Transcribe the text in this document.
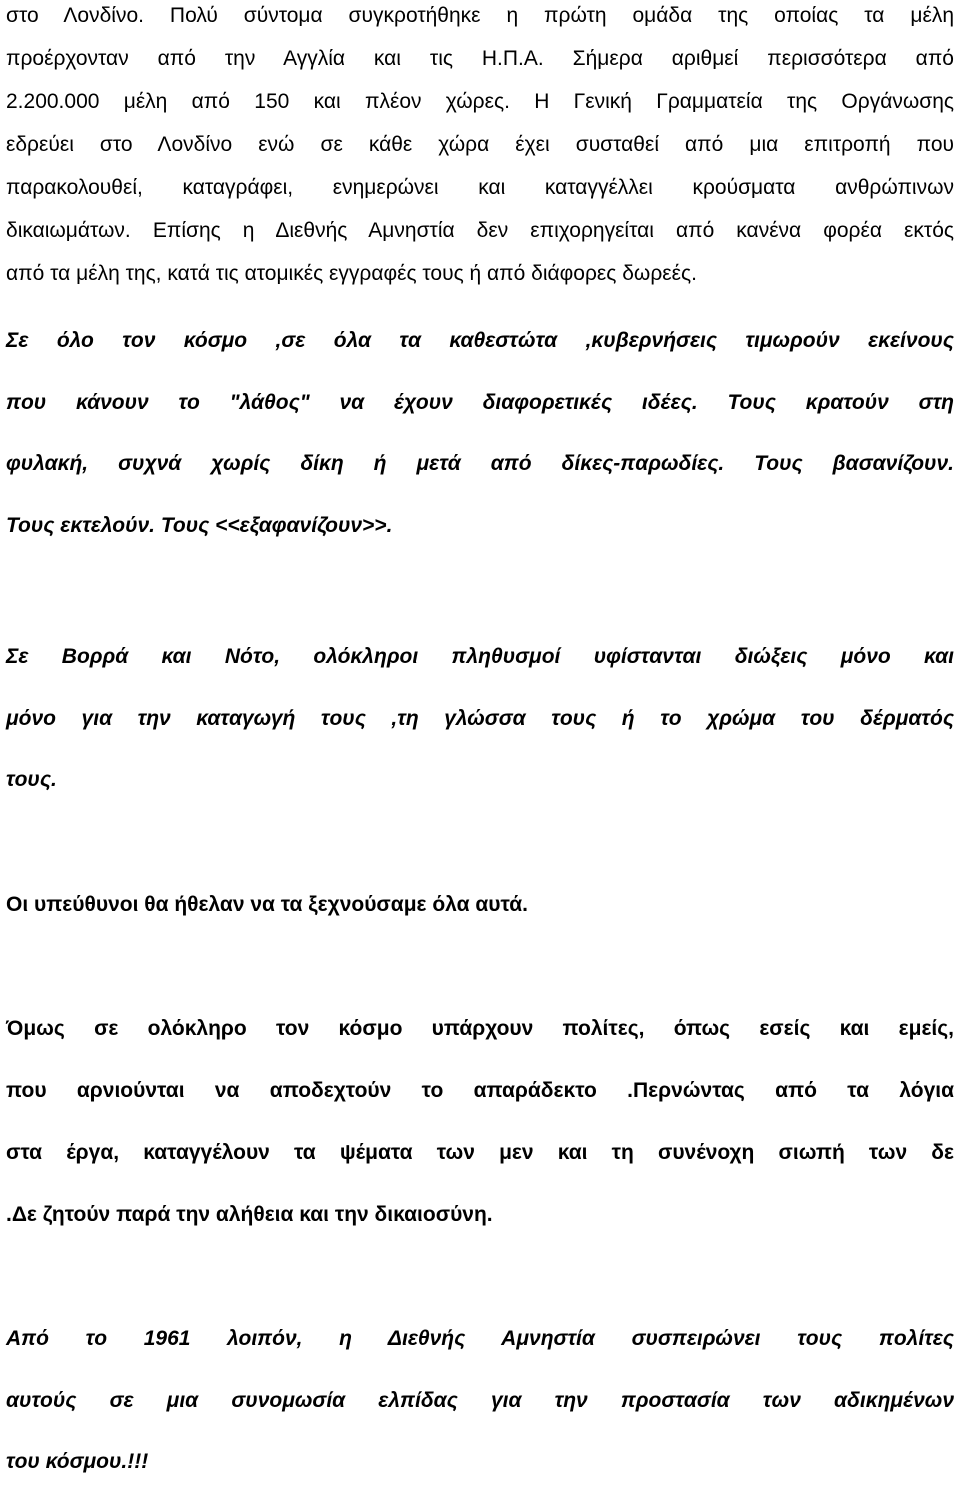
στο Λονδίνο. Πολύ σύντομα συγκροτήθηκε η πρώτη ομάδα της οποίας τα μέλη
προέρχονταν από την Αγγλία και τις Η.Π.Α. Σήμερα αριθμεί περισσότερα από
2.200.000 μέλη από 150 και πλέον χώρες. Η Γενική Γραμματεία της Οργάνωσης
εδρεύει στο Λονδίνο ενώ σε κάθε χώρα έχει συσταθεί από μια επιτροπή που
παρακολουθεί, καταγράφει, ενημερώνει και καταγγέλλει κρούσματα ανθρώπινων
δικαιωμάτων. Επίσης η Διεθνής Αμνηστία δεν επιχορηγείται από κανένα φορέα εκτός
από τα μέλη της, κατά τις ατομικές εγγραφές τους ή από διάφορες δωρεές.

Σε όλο τον κόσμο ,σε όλα τα καθεστώτα ,κυβερνήσεις τιμωρούν εκείνους
που κάνουν το "λάθος" να έχουν διαφορετικές ιδέες. Τους κρατούν στη
φυλακή, συχνά χωρίς δίκη ή μετά από δίκες-παρωδίες. Τους βασανίζουν.
Τους εκτελούν. Τους <<εξαφανίζουν>>.

Σε Βορρά και Νότο, ολόκληροι πληθυσμοί υφίστανται διώξεις μόνο και
μόνο για την καταγωγή τους ,τη γλώσσα τους ή το χρώμα του δέρματός
τους.

Οι υπεύθυνοι θα ήθελαν να τα ξεχνούσαμε όλα αυτά.

Όμως σε ολόκληρο τον κόσμο υπάρχουν πολίτες, όπως εσείς και εμείς,
που αρνιούνται να αποδεχτούν το απαράδεκτο .Περνώντας από τα λόγια
στα έργα, καταγγέλουν τα ψέματα των μεν και τη συνένοχη σιωπή των δε
.Δε ζητούν παρά την αλήθεια και την δικαιοσύνη.

Από το 1961 λοιπόν, η Διεθνής Αμνηστία συσπειρώνει τους πολίτες
αυτούς σε μια συνομωσία ελπίδας για την προστασία των αδικημένων
του κόσμου.!!!
